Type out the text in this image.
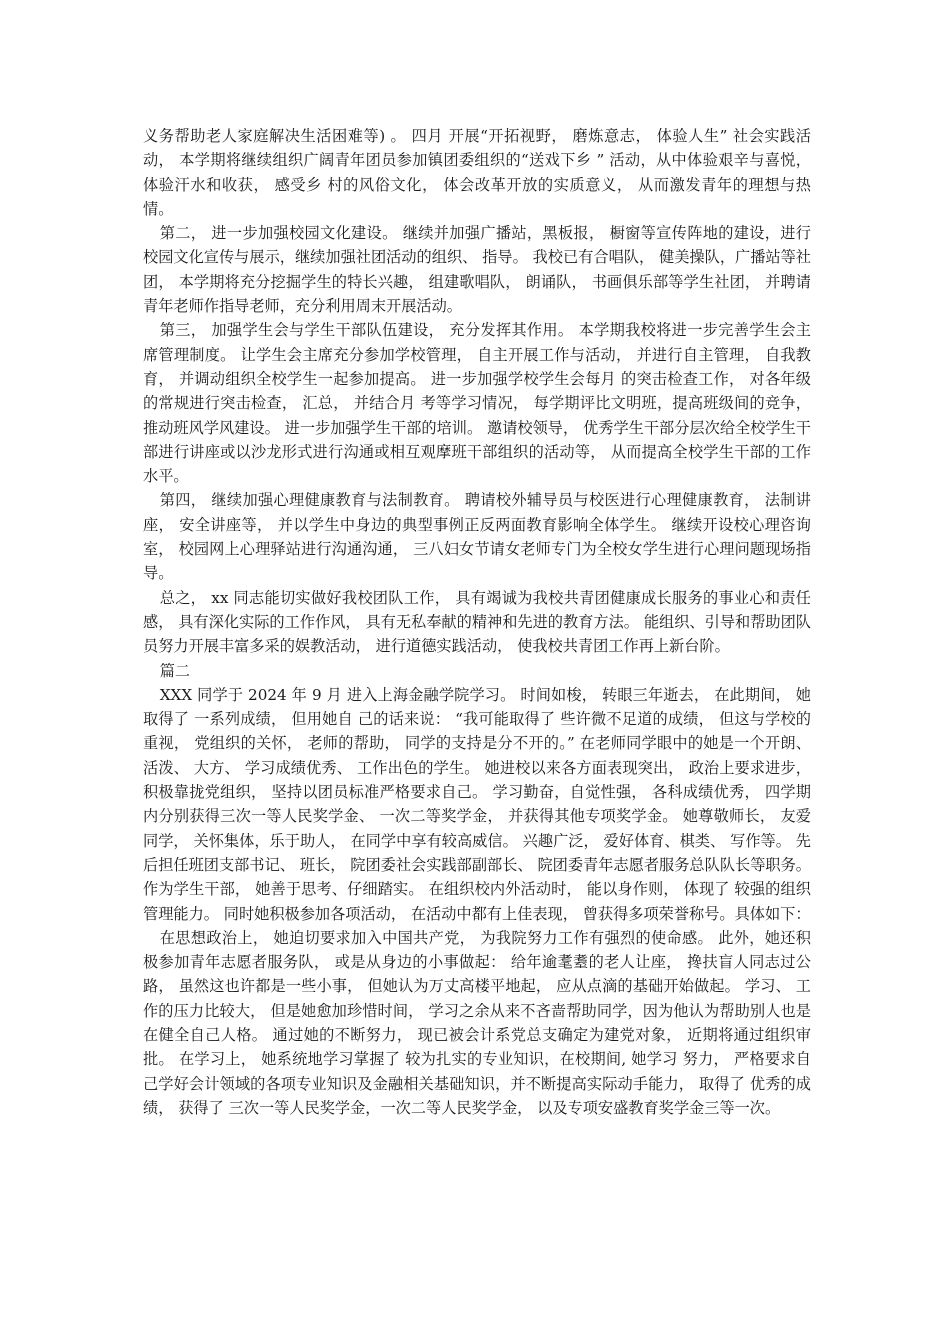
义务帮助老人家庭解决生活困难等) 。 四月 开展“开拓视野， 磨炼意志， 体验人生” 社会实践活动， 本学期将继续组织广阔青年团员参加镇团委组织的“送戏下乡 ” 活动，从中体验艰辛与喜悦， 体验汗水和收获， 感受乡 村的风俗文化， 体会改革开放的实质意义， 从而激发青年的理想与热情。

第二， 进一步加强校园文化建设。 继续并加强广播站，黑板报， 橱窗等宣传阵地的建设，进行校园文化宣传与展示，继续加强社团活动的组织、 指导。 我校已有合唱队， 健美操队，广播站等社团， 本学期将充分挖掘学生的特长兴趣， 组建歌唱队， 朗诵队， 书画俱乐部等学生社团， 并聘请青年老师作指导老师，充分利用周末开展活动。

第三， 加强学生会与学生干部队伍建设， 充分发挥其作用。 本学期我校将进一步完善学生会主席管理制度。 让学生会主席充分参加学校管理， 自主开展工作与活动， 并进行自主管理， 自我教育， 并调动组织全校学生一起参加提高。 进一步加强学校学生会每月 的突击检查工作， 对各年级的常规进行突击检查， 汇总， 并结合月 考等学习情况， 每学期评比文明班，提高班级间的竞争， 推动班风学风建设。 进一步加强学生干部的培训。 邀请校领导， 优秀学生干部分层次给全校学生干部进行讲座或以沙龙形式进行沟通或相互观摩班干部组织的活动等， 从而提高全校学生干部的工作水平。

第四， 继续加强心理健康教育与法制教育。 聘请校外辅导员与校医进行心理健康教育， 法制讲座， 安全讲座等， 并以学生中身边的典型事例正反两面教育影响全体学生。 继续开设校心理咨询室， 校园网上心理驿站进行沟通沟通， 三八妇女节请女老师专门为全校女学生进行心理问题现场指导。

总之， xx 同志能切实做好我校团队工作， 具有竭诚为我校共青团健康成长服务的事业心和责任感， 具有深化实际的工作作风， 具有无私奉献的精神和先进的教育方法。 能组织、引导和帮助团队员努力开展丰富多采的娱教活动， 进行道德实践活动， 使我校共青团工作再上新台阶。

篇二

XXX 同学于 2024 年 9 月 进入上海金融学院学习。 时间如梭， 转眼三年逝去， 在此期间， 她取得了 一系列成绩， 但用她自 己的话来说： “我可能取得了 些许微不足道的成绩， 但这与学校的重视， 党组织的关怀， 老师的帮助， 同学的支持是分不开的。” 在老师同学眼中的她是一个开朗、 活泼、 大方、 学习成绩优秀、 工作出色的学生。 她进校以来各方面表现突出， 政治上要求进步， 积极靠拢党组织， 坚持以团员标准严格要求自己。 学习勤奋，自觉性强， 各科成绩优秀， 四学期内分别获得三次一等人民奖学金、 一次二等奖学金， 并获得其他专项奖学金。 她尊敬师长， 友爱同学， 关怀集体，乐于助人， 在同学中享有较高威信。 兴趣广泛， 爱好体育、棋类、 写作等。 先后担任班团支部书记、 班长， 院团委社会实践部副部长、 院团委青年志愿者服务总队队长等职务。 作为学生干部， 她善于思考、仔细踏实。 在组织校内外活动时， 能以身作则， 体现了 较强的组织管理能力。 同时她积极参加各项活动， 在活动中都有上佳表现， 曾获得多项荣誉称号。具体如下：

在思想政治上， 她迫切要求加入中国共产党， 为我院努力工作有强烈的使命感。 此外，她还积极参加青年志愿者服务队， 或是从身边的小事做起： 给年逾耄耋的老人让座， 搀扶盲人同志过公路， 虽然这也许都是一些小事， 但她认为万丈高楼平地起， 应从点滴的基础开始做起。 学习、 工作的压力比较大， 但是她愈加珍惜时间， 学习之余从来不吝啬帮助同学，因为他认为帮助别人也是在健全自己人格。 通过她的不断努力， 现已被会计系党总支确定为建党对象， 近期将通过组织审批。 在学习上， 她系统地学习掌握了 较为扎实的专业知识，在校期间, 她学习 努力， 严格要求自 己学好会计领域的各项专业知识及金融相关基础知识，并不断提高实际动手能力， 取得了 优秀的成绩， 获得了 三次一等人民奖学金，一次二等人民奖学金， 以及专项安盛教育奖学金三等一次。
